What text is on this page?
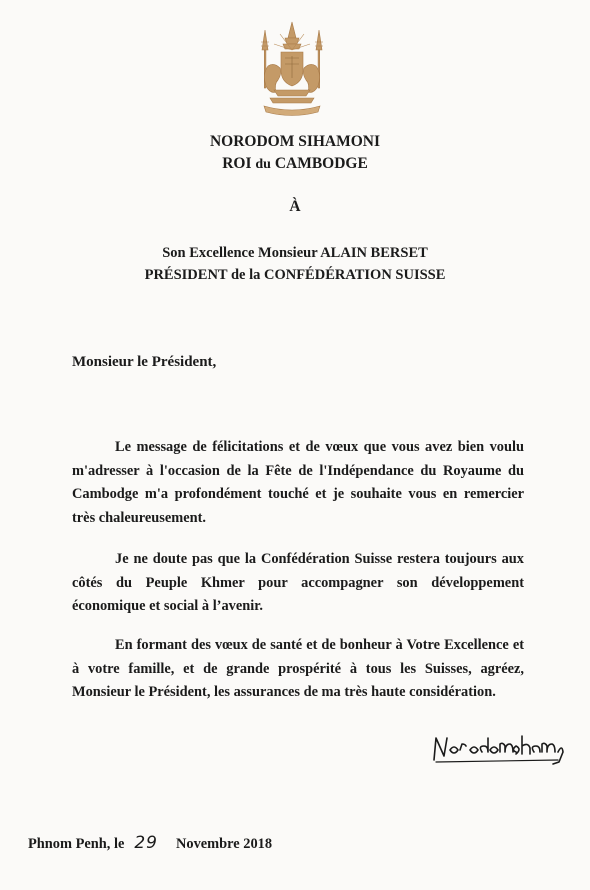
NORODOM SIHAMONI
ROI du CAMBODGE
À
Son Excellence Monsieur ALAIN BERSET
PRÉSIDENT de la CONFÉDÉRATION SUISSE
Monsieur le Président,

Le message de félicitations et de vœux que vous avez bien voulu m'adresser à l'occasion de la Fête de l'Indépendance du Royaume du Cambodge m'a profondément touché et je souhaite vous en remercier très chaleureusement.

Je ne doute pas que la Confédération Suisse restera toujours aux côtés du Peuple Khmer pour accompagner son développement économique et social à l’avenir.

En formant des vœux de santé et de bonheur à Votre Excellence et à votre famille, et de grande prospérité à tous les Suisses, agréez, Monsieur le Président, les assurances de ma très haute considération.

Phnom Penh, le 29 Novembre 2018
